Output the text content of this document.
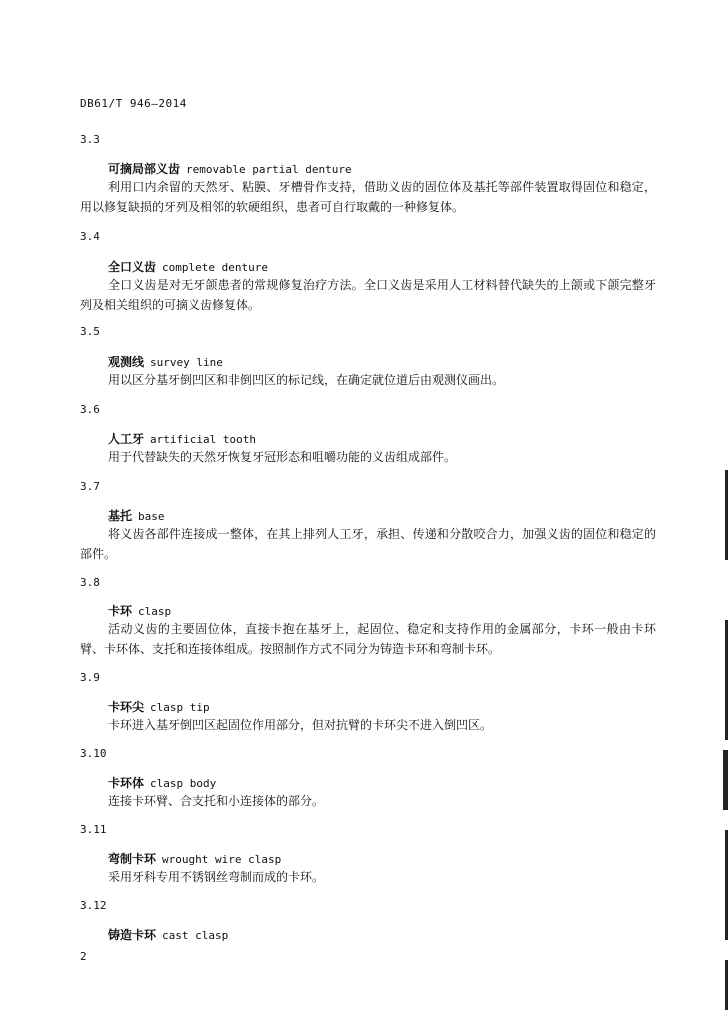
DB61/T 946—2014
3.3
可摘局部义齿 removable partial denture
利用口内余留的天然牙、粘膜、牙槽骨作支持，借助义齿的固位体及基托等部件装置取得固位和稳定，用以修复缺损的牙列及相邻的软硬组织，患者可自行取戴的一种修复体。
3.4
全口义齿 complete denture
全口义齿是对无牙颌患者的常规修复治疗方法。全口义齿是采用人工材料替代缺失的上颌或下颌完整牙列及相关组织的可摘义齿修复体。
3.5
观测线 survey line
用以区分基牙倒凹区和非倒凹区的标记线，在确定就位道后由观测仪画出。
3.6
人工牙 artificial tooth
用于代替缺失的天然牙恢复牙冠形态和咀嚼功能的义齿组成部件。
3.7
基托 base
将义齿各部件连接成一整体，在其上排列人工牙，承担、传递和分散咬合力，加强义齿的固位和稳定的部件。
3.8
卡环 clasp
活动义齿的主要固位体，直接卡抱在基牙上，起固位、稳定和支持作用的金属部分，卡环一般由卡环臂、卡环体、支托和连接体组成。按照制作方式不同分为铸造卡环和弯制卡环。
3.9
卡环尖 clasp tip
卡环进入基牙倒凹区起固位作用部分，但对抗臂的卡环尖不进入倒凹区。
3.10
卡环体 clasp body
连接卡环臂、合支托和小连接体的部分。
3.11
弯制卡环 wrought wire clasp
采用牙科专用不锈钢丝弯制而成的卡环。
3.12
铸造卡环 cast clasp
2
